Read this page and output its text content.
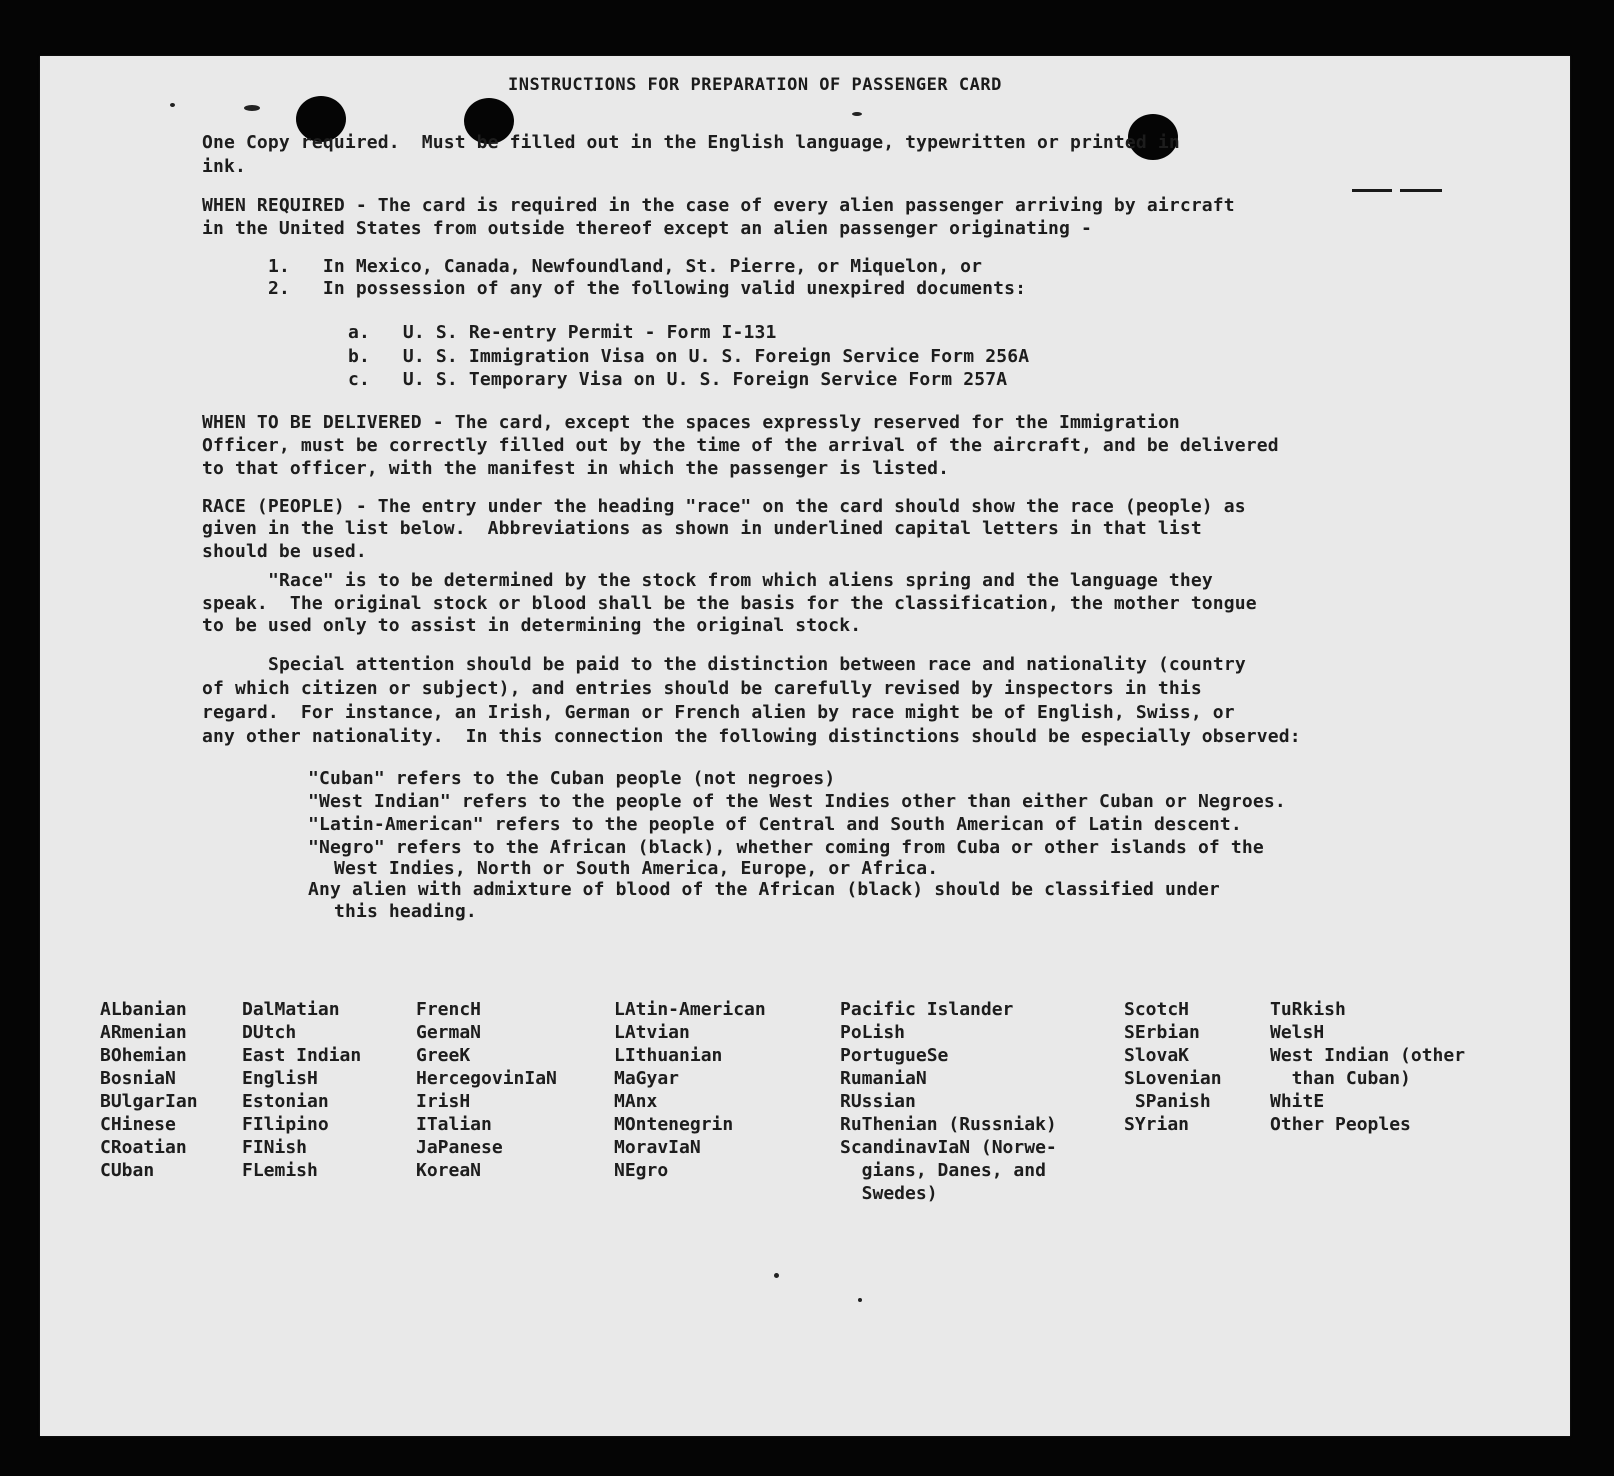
INSTRUCTIONS FOR PREPARATION OF PASSENGER CARD
One Copy required.  Must be filled out in the English language, typewritten or printed in
ink.
WHEN REQUIRED - The card is required in the case of every alien passenger arriving by aircraft
in the United States from outside thereof except an alien passenger originating -
1.   In Mexico, Canada, Newfoundland, St. Pierre, or Miquelon, or
2.   In possession of any of the following valid unexpired documents:
a.   U. S. Re-entry Permit - Form I-131
b.   U. S. Immigration Visa on U. S. Foreign Service Form 256A
c.   U. S. Temporary Visa on U. S. Foreign Service Form 257A
WHEN TO BE DELIVERED - The card, except the spaces expressly reserved for the Immigration
Officer, must be correctly filled out by the time of the arrival of the aircraft, and be delivered
to that officer, with the manifest in which the passenger is listed.
RACE (PEOPLE) - The entry under the heading "race" on the card should show the race (people) as
given in the list below.  Abbreviations as shown in underlined capital letters in that list
should be used.
"Race" is to be determined by the stock from which aliens spring and the language they
speak.  The original stock or blood shall be the basis for the classification, the mother tongue
to be used only to assist in determining the original stock.
Special attention should be paid to the distinction between race and nationality (country
of which citizen or subject), and entries should be carefully revised by inspectors in this
regard.  For instance, an Irish, German or French alien by race might be of English, Swiss, or
any other nationality.  In this connection the following distinctions should be especially observed:
"Cuban" refers to the Cuban people (not negroes)
"West Indian" refers to the people of the West Indies other than either Cuban or Negroes.
"Latin-American" refers to the people of Central and South American of Latin descent.
"Negro" refers to the African (black), whether coming from Cuba or other islands of the
West Indies, North or South America, Europe, or Africa.
Any alien with admixture of blood of the African (black) should be classified under
this heading.
ALbanian
ARmenian
BOhemian
BosniaN
BUlgarIan
CHinese
CRoatian
CUban
DalMatian
DUtch
East Indian
EnglisH
Estonian
FIlipino
FINish
FLemish
FrencH
GermaN
GreeK
HercegovinIaN
IrisH
ITalian
JaPanese
KoreaN
LAtin-American
LAtvian
LIthuanian
MaGyar
MAnx
MOntenegrin
MoravIaN
NEgro
Pacific Islander
PoLish
PortugueSe
RumaniaN
RUssian
RuThenian (Russniak)
ScandinavIaN (Norwe-
gians, Danes, and
Swedes)
ScotcH
SErbian
SlovaK
SLovenian
SPanish
SYrian
TuRkish
WelsH
West Indian (other
than Cuban)
WhitE
Other Peoples
